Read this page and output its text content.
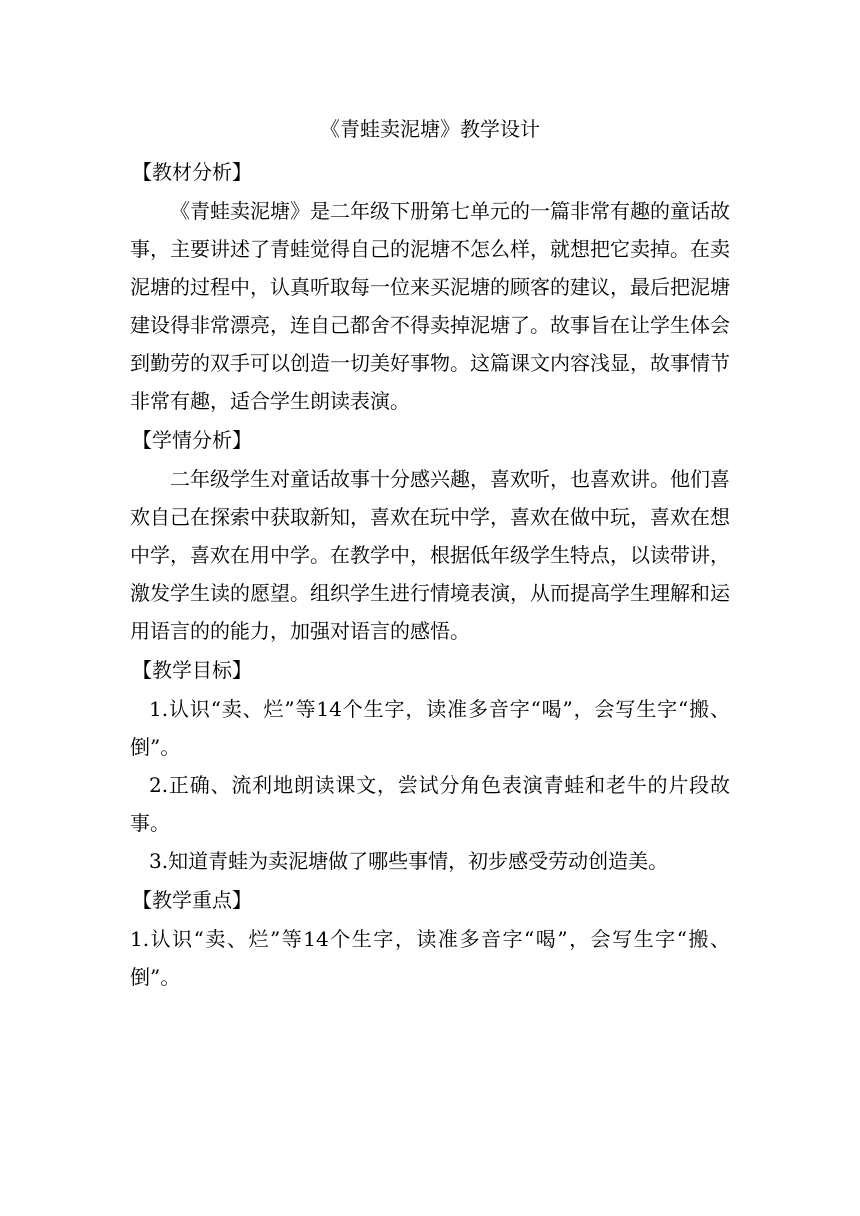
《青蛙卖泥塘》教学设计

【教材分析】

《青蛙卖泥塘》是二年级下册第七单元的一篇非常有趣的童话故事，主要讲述了青蛙觉得自己的泥塘不怎么样，就想把它卖掉。在卖泥塘的过程中，认真听取每一位来买泥塘的顾客的建议，最后把泥塘建设得非常漂亮，连自己都舍不得卖掉泥塘了。故事旨在让学生体会到勤劳的双手可以创造一切美好事物。这篇课文内容浅显，故事情节非常有趣，适合学生朗读表演。

【学情分析】

二年级学生对童话故事十分感兴趣，喜欢听，也喜欢讲。他们喜欢自己在探索中获取新知，喜欢在玩中学，喜欢在做中玩，喜欢在想中学，喜欢在用中学。在教学中，根据低年级学生特点，以读带讲，激发学生读的愿望。组织学生进行情境表演，从而提高学生理解和运用语言的的能力，加强对语言的感悟。

【教学目标】

1.认识“卖、烂”等14个生字，读准多音字“喝”，会写生字“搬、倒”。

2.正确、流利地朗读课文，尝试分角色表演青蛙和老牛的片段故事。

3.知道青蛙为卖泥塘做了哪些事情，初步感受劳动创造美。

【教学重点】

1.认识“卖、烂”等14个生字，读准多音字“喝”，会写生字“搬、倒”。
